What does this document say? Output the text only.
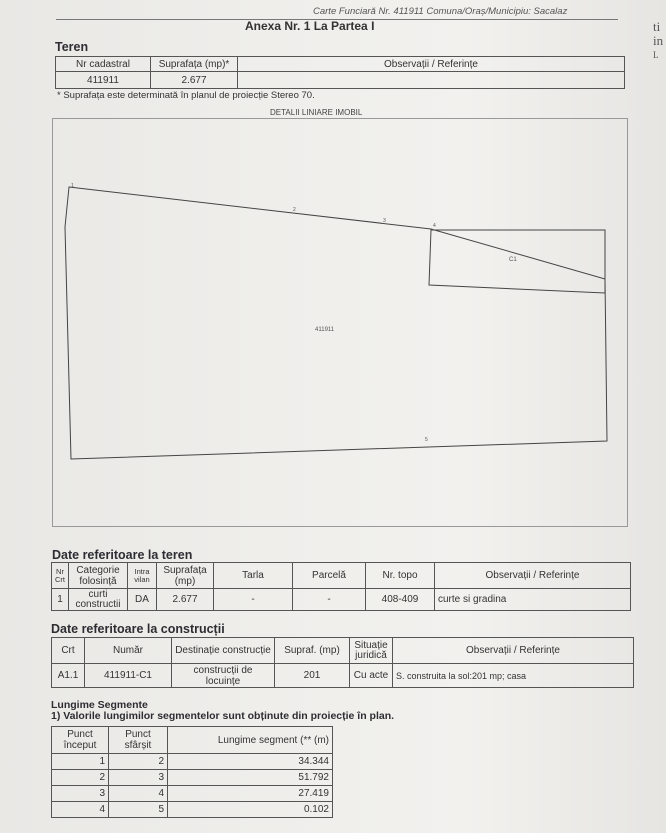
Carte Funciară Nr. 411911 Comuna/Oraș/Municipiu: Sacalaz
Anexa Nr. 1 La Partea I	ti
in
L
Teren
Nr cadastral	Suprafața (mp)*	Observații / Referințe
411911	2.677	
* Suprafața este determinată în planul de proiecție Stereo 70.
DETALII LINIARE IMOBIL
411911
C1
1
2
3
4
5
Date referitoare la teren
Nr Crt	Categorie folosință	Intra vilan	Suprafața (mp)	Tarla	Parcelă	Nr. topo	Observații / Referințe
1	curti constructii	DA	2.677	-	-	408-409	curte si gradina
Date referitoare la construcții
Crt	Număr	Destinație construcție	Supraf. (mp)	Situație juridică	Observații / Referințe
A1.1	411911-C1	construcții de locuințe	201	Cu acte	S. construita la sol:201 mp; casa
Lungime Segmente
1) Valorile lungimilor segmentelor sunt obținute din proiecție în plan.
Punct început	Punct sfârșit	Lungime segment (** (m)
1	2	34.344
2	3	51.792
3	4	27.419
4	5	0.102
